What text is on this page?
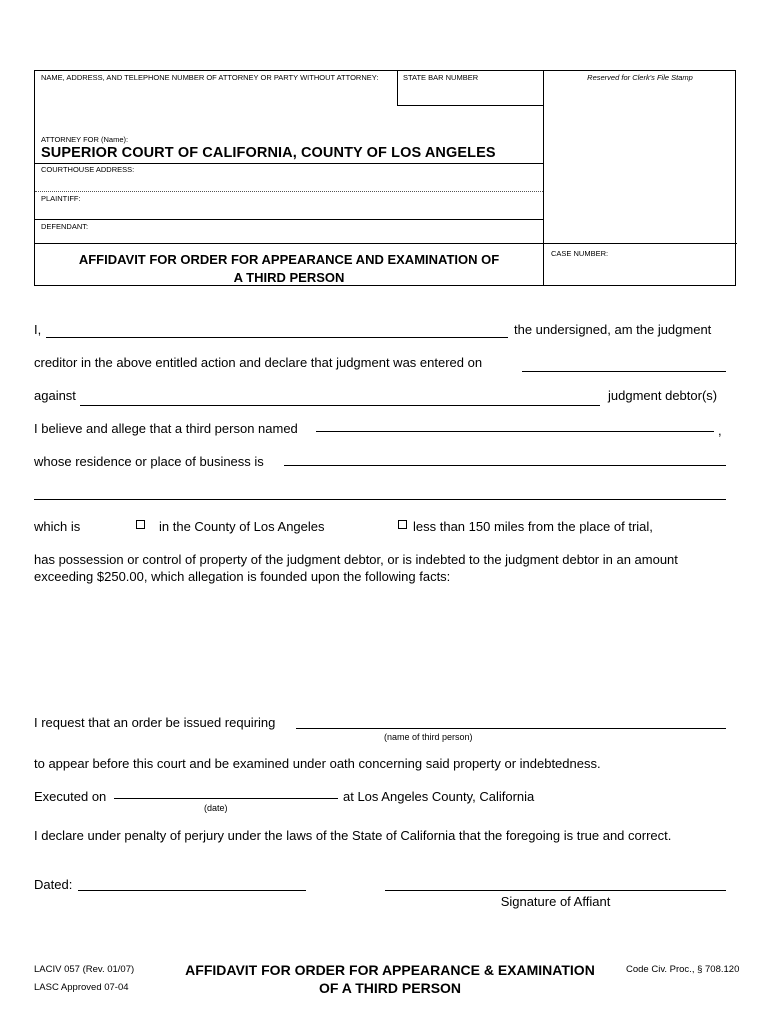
NAME, ADDRESS, AND TELEPHONE NUMBER OF ATTORNEY OR PARTY WITHOUT ATTORNEY:	STATE BAR NUMBER	Reserved for Clerk's File Stamp
ATTORNEY FOR (Name):
SUPERIOR COURT OF CALIFORNIA, COUNTY OF LOS ANGELES
COURTHOUSE ADDRESS:
PLAINTIFF:
DEFENDANT:
AFFIDAVIT FOR ORDER FOR APPEARANCE AND EXAMINATION OF
A THIRD PERSON
CASE NUMBER:
I,	the undersigned, am the judgment
creditor in the above entitled action and declare that judgment was entered on
against	judgment debtor(s)
I believe and allege that a third person named	,
whose residence or place of business is
which is	in the County of Los Angeles	less than 150 miles from the place of trial,
has possession or control of property of the judgment debtor, or is indebted to the judgment debtor in an amount
exceeding $250.00, which allegation is founded upon the following facts:
I request that an order be issued requiring
(name of third person)
to appear before this court and be examined under oath concerning said property or indebtedness.
Executed on	at Los Angeles County, California
(date)
I declare under penalty of perjury under the laws of the State of California that the foregoing is true and correct.
Dated:
Signature of Affiant
LACIV 057 (Rev. 01/07)
LASC Approved 07-04
AFFIDAVIT FOR ORDER FOR APPEARANCE & EXAMINATION
OF A THIRD PERSON
Code Civ. Proc., § 708.120
